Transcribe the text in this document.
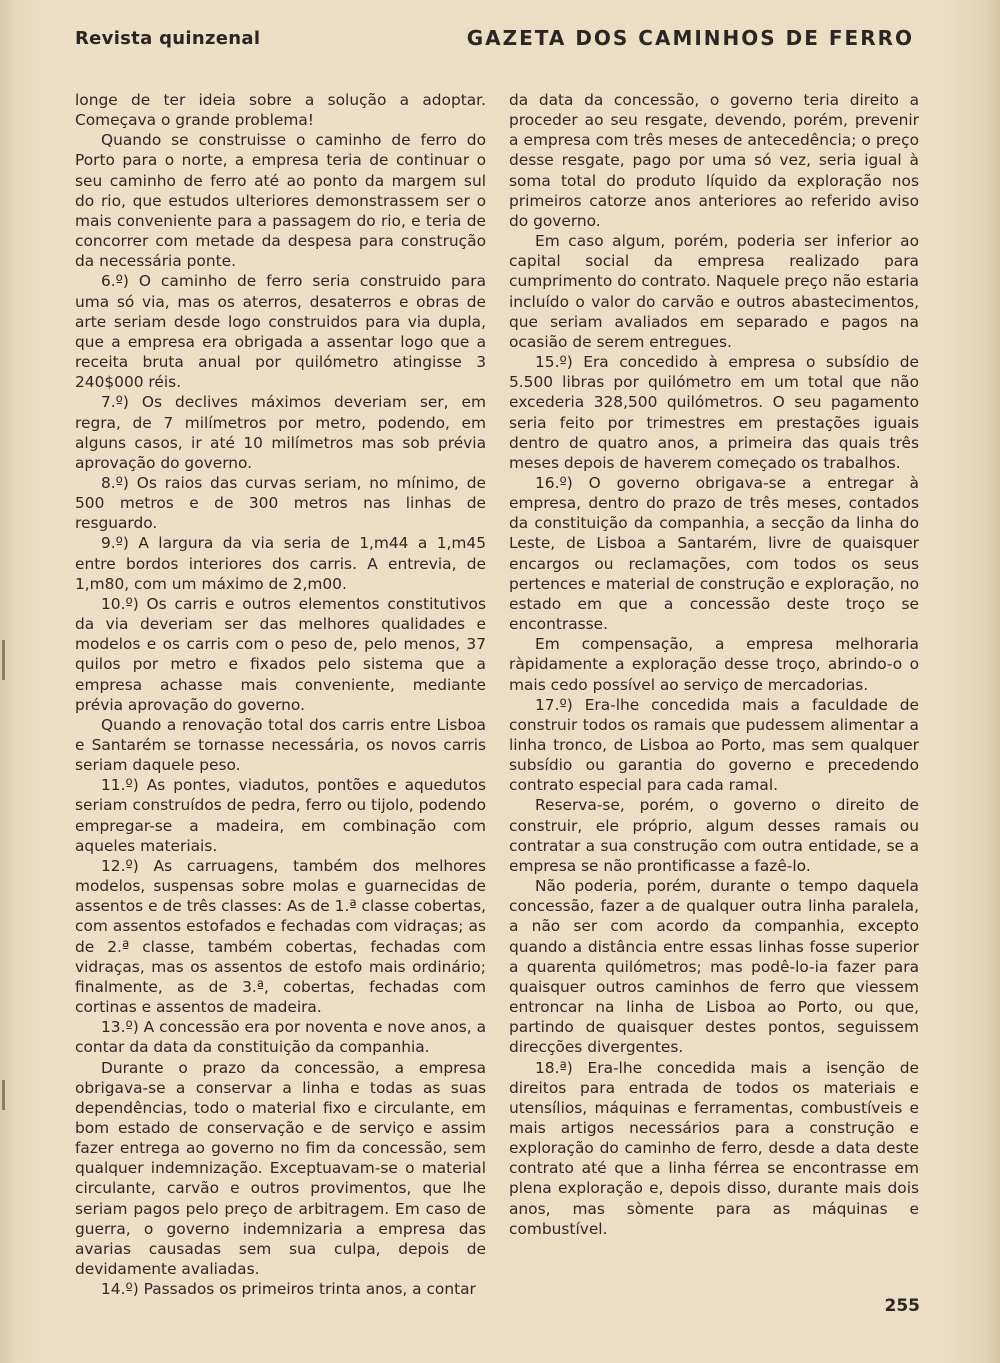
Revista quinzenal	GAZETA DOS CAMINHOS DE FERRO

longe de ter ideia sobre a solução a adoptar. Começava o grande problema!

Quando se construisse o caminho de ferro do Porto para o norte, a empresa teria de continuar o seu caminho de ferro até ao ponto da margem sul do rio, que estudos ulteriores demonstrassem ser o mais conveniente para a passagem do rio, e teria de concorrer com metade da despesa para construção da necessária ponte.

6.º) O caminho de ferro seria construido para uma só via, mas os aterros, desaterros e obras de arte seriam desde logo construidos para via dupla, que a empresa era obrigada a assentar logo que a receita bruta anual por quilómetro atingisse 3 240$000 réis.

7.º) Os declives máximos deveriam ser, em regra, de 7 milímetros por metro, podendo, em alguns casos, ir até 10 milímetros mas sob prévia aprovação do governo.

8.º) Os raios das curvas seriam, no mínimo, de 500 metros e de 300 metros nas linhas de resguardo.

9.º) A largura da via seria de 1,m44 a 1,m45 entre bordos interiores dos carris. A entrevia, de 1,m80, com um máximo de 2,m00.

10.º) Os carris e outros elementos constitutivos da via deveriam ser das melhores qualidades e modelos e os carris com o peso de, pelo menos, 37 quilos por metro e fixados pelo sistema que a empresa achasse mais conveniente, mediante prévia aprovação do governo.

Quando a renovação total dos carris entre Lisboa e Santarém se tornasse necessária, os novos carris seriam daquele peso.

11.º) As pontes, viadutos, pontões e aquedutos seriam construídos de pedra, ferro ou tijolo, podendo empregar-se a madeira, em combinação com aqueles materiais.

12.º) As carruagens, também dos melhores modelos, suspensas sobre molas e guarnecidas de assentos e de três classes: As de 1.ª classe cobertas, com assentos estofados e fechadas com vidraças; as de 2.ª classe, também cobertas, fechadas com vidraças, mas os assentos de estofo mais ordinário; finalmente, as de 3.ª, cobertas, fechadas com cortinas e assentos de madeira.

13.º) A concessão era por noventa e nove anos, a contar da data da constituição da companhia.

Durante o prazo da concessão, a empresa obrigava-se a conservar a linha e todas as suas dependências, todo o material fixo e circulante, em bom estado de conservação e de serviço e assim fazer entrega ao governo no fim da concessão, sem qualquer indemnização. Exceptuavam-se o material circulante, carvão e outros provimentos, que lhe seriam pagos pelo preço de arbitragem. Em caso de guerra, o governo indemnizaria a empresa das avarias causadas sem sua culpa, depois de devidamente avaliadas.

14.º) Passados os primeiros trinta anos, a contar

da data da concessão, o governo teria direito a proceder ao seu resgate, devendo, porém, prevenir a empresa com três meses de antecedência; o preço desse resgate, pago por uma só vez, seria igual à soma total do produto líquido da exploração nos primeiros catorze anos anteriores ao referido aviso do governo.

Em caso algum, porém, poderia ser inferior ao capital social da empresa realizado para cumprimento do contrato. Naquele preço não estaria incluído o valor do carvão e outros abastecimentos, que seriam avaliados em separado e pagos na ocasião de serem entregues.

15.º) Era concedido à empresa o subsídio de 5.500 libras por quilómetro em um total que não excederia 328,500 quilómetros. O seu pagamento seria feito por trimestres em prestações iguais dentro de quatro anos, a primeira das quais três meses depois de haverem começado os trabalhos.

16.º) O governo obrigava-se a entregar à empresa, dentro do prazo de três meses, contados da constituição da companhia, a secção da linha do Leste, de Lisboa a Santarém, livre de quaisquer encargos ou reclamações, com todos os seus pertences e material de construção e exploração, no estado em que a concessão deste troço se encontrasse.

Em compensação, a empresa melhoraria ràpidamente a exploração desse troço, abrindo-o o mais cedo possível ao serviço de mercadorias.

17.º) Era-lhe concedida mais a faculdade de construir todos os ramais que pudessem alimentar a linha tronco, de Lisboa ao Porto, mas sem qualquer subsídio ou garantia do governo e precedendo contrato especial para cada ramal.

Reserva-se, porém, o governo o direito de construir, ele próprio, algum desses ramais ou contratar a sua construção com outra entidade, se a empresa se não prontificasse a fazê-lo.

Não poderia, porém, durante o tempo daquela concessão, fazer a de qualquer outra linha paralela, a não ser com acordo da companhia, excepto quando a distância entre essas linhas fosse superior a quarenta quilómetros; mas podê-lo-ia fazer para quaisquer outros caminhos de ferro que viessem entroncar na linha de Lisboa ao Porto, ou que, partindo de quaisquer destes pontos, seguissem direcções divergentes.

18.ª) Era-lhe concedida mais a isenção de direitos para entrada de todos os materiais e utensílios, máquinas e ferramentas, combustíveis e mais artigos necessários para a construção e exploração do caminho de ferro, desde a data deste contrato até que a linha férrea se encontrasse em plena exploração e, depois disso, durante mais dois anos, mas sòmente para as máquinas e combustível.

255
